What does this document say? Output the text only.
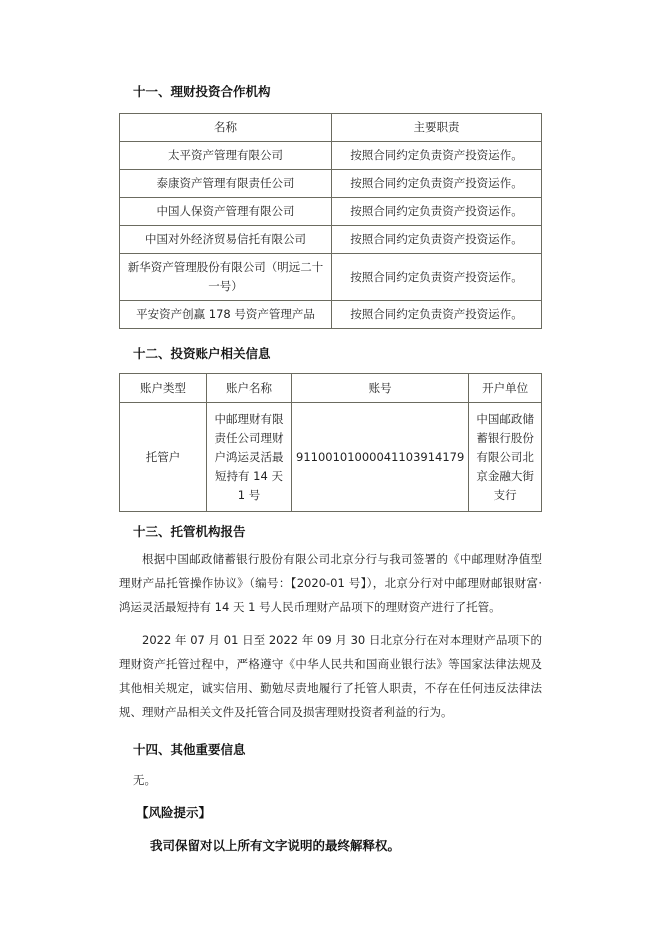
十一、理财投资合作机构
名称	主要职责
太平资产管理有限公司	按照合同约定负责资产投资运作。
泰康资产管理有限责任公司	按照合同约定负责资产投资运作。
中国人保资产管理有限公司	按照合同约定负责资产投资运作。
中国对外经济贸易信托有限公司	按照合同约定负责资产投资运作。
新华资产管理股份有限公司（明远二十一号）	按照合同约定负责资产投资运作。
平安资产创赢 178 号资产管理产品	按照合同约定负责资产投资运作。
十二、投资账户相关信息
账户类型	账户名称	账号	开户单位
托管户	中邮理财有限责任公司理财户鸿运灵活最短持有 14 天 1 号	91100101000041103914179	中国邮政储蓄银行股份有限公司北京金融大街支行
十三、托管机构报告
根据中国邮政储蓄银行股份有限公司北京分行与我司签署的《中邮理财净值型理财产品托管操作协议》（编号：【2020-01 号】），北京分行对中邮理财邮银财富·鸿运灵活最短持有 14 天 1 号人民币理财产品项下的理财资产进行了托管。
2022 年 07 月 01 日至 2022 年 09 月 30 日北京分行在对本理财产品项下的理财资产托管过程中，严格遵守《中华人民共和国商业银行法》等国家法律法规及其他相关规定，诚实信用、勤勉尽责地履行了托管人职责，不存在任何违反法律法规、理财产品相关文件及托管合同及损害理财投资者利益的行为。
十四、其他重要信息
无。
【风险提示】
我司保留对以上所有文字说明的最终解释权。
